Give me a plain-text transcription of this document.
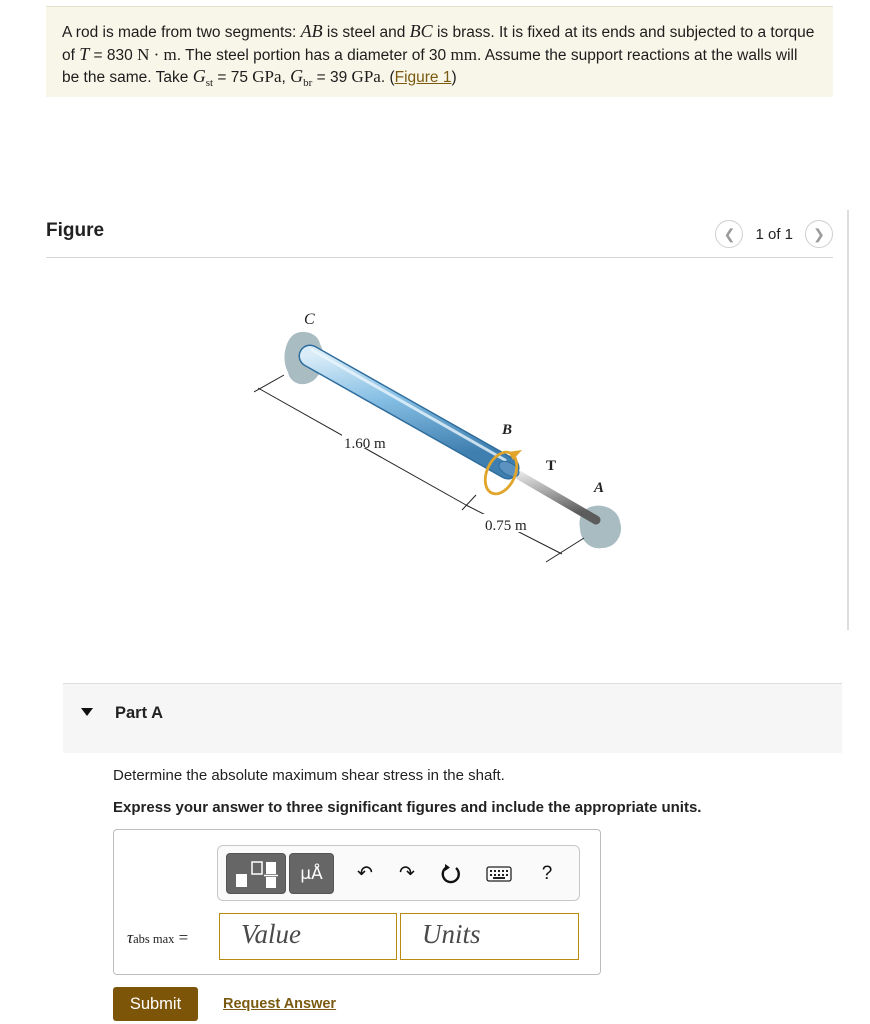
A rod is made from two segments: AB is steel and BC is brass. It is fixed at its ends and subjected to a torque of T = 830 N · m. The steel portion has a diameter of 30 mm. Assume the support reactions at the walls will be the same. Take $G_{st} = 75$ GPa, $G_{br} = 39$ GPa. (Figure 1)
Figure	❮ 1 of 1 ❯
C
B
T
A
1.60 m
0.75 m
Part A
Determine the absolute maximum shear stress in the shaft.
Express your answer to three significant figures and include the appropriate units.
μÅ	↶	↷	?
τabs max =	Value	Units
Submit	Request Answer
